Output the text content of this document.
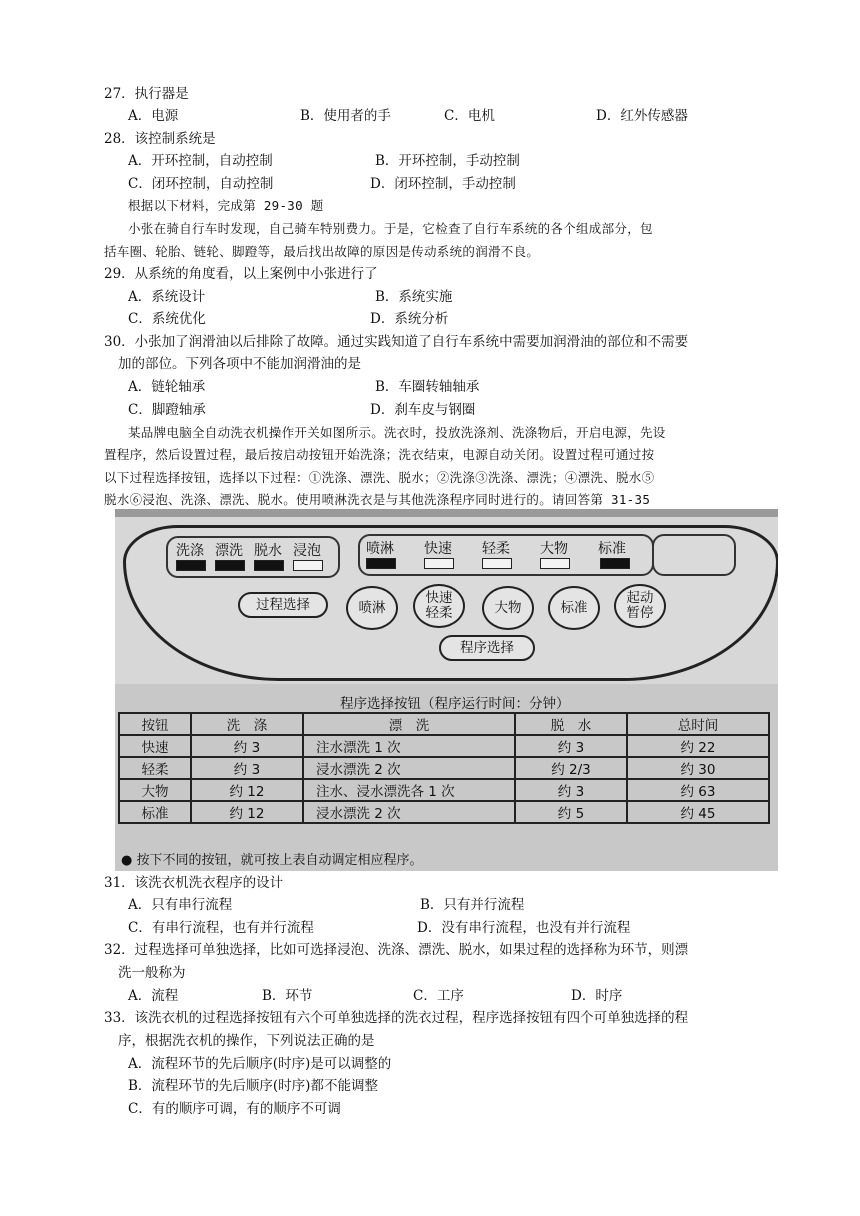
27．执行器是
A．电源	B．使用者的手	C．电机	D．红外传感器
28．该控制系统是
A．开环控制，自动控制	B．开环控制，手动控制
C．闭环控制，自动控制	D．闭环控制，手动控制
根据以下材料，完成第 29-30 题
小张在骑自行车时发现，自己骑车特别费力。于是，它检查了自行车系统的各个组成部分，包
括车圈、轮胎、链轮、脚蹬等，最后找出故障的原因是传动系统的润滑不良。
29．从系统的角度看，以上案例中小张进行了
A．系统设计	B．系统实施
C．系统优化	D．系统分析
30．小张加了润滑油以后排除了故障。通过实践知道了自行车系统中需要加润滑油的部位和不需要
加的部位。下列各项中不能加润滑油的是
A．链轮轴承	B．车圈转轴轴承
C．脚蹬轴承	D．刹车皮与钢圈
某品牌电脑全自动洗衣机操作开关如图所示。洗衣时，投放洗涤剂、洗涤物后，开启电源，先设
置程序，然后设置过程，最后按启动按钮开始洗涤；洗衣结束，电源自动关闭。设置过程可通过按
以下过程选择按钮，选择以下过程：①洗涤、漂洗、脱水；②洗涤③洗涤、漂洗；④漂洗、脱水⑤
脱水⑥浸泡、洗涤、漂洗、脱水。使用喷淋洗衣是与其他洗涤程序同时进行的。请回答第 31-35
洗涤 漂洗 脱水 浸泡	喷淋 快速 轻柔 大物 标准
过程选择	喷淋
快速
轻柔	大物	标准
起动
暂停
程序选择
程序选择按钮（程序运行时间：分钟）
按钮	洗　涤	漂　洗	脱　水	总时间
快速	约 3	注水漂洗 1 次	约 3	约 22
轻柔	约 3	浸水漂洗 2 次	约 2/3	约 30
大物	约 12	注水、浸水漂洗各 1 次	约 3	约 63
标准	约 12	浸水漂洗 2 次	约 5	约 45
● 按下不同的按钮，就可按上表自动调定相应程序。
31．该洗衣机洗衣程序的设计
A．只有串行流程	B．只有并行流程
C．有串行流程，也有并行流程	D．没有串行流程，也没有并行流程
32．过程选择可单独选择，比如可选择浸泡、洗涤、漂洗、脱水，如果过程的选择称为环节，则漂
洗一般称为
A．流程	B．环节	C．工序	D．时序
33．该洗衣机的过程选择按钮有六个可单独选择的洗衣过程，程序选择按钮有四个可单独选择的程
序，根据洗衣机的操作，下列说法正确的是
A．流程环节的先后顺序(时序)是可以调整的
B．流程环节的先后顺序(时序)都不能调整
C．有的顺序可调，有的顺序不可调
